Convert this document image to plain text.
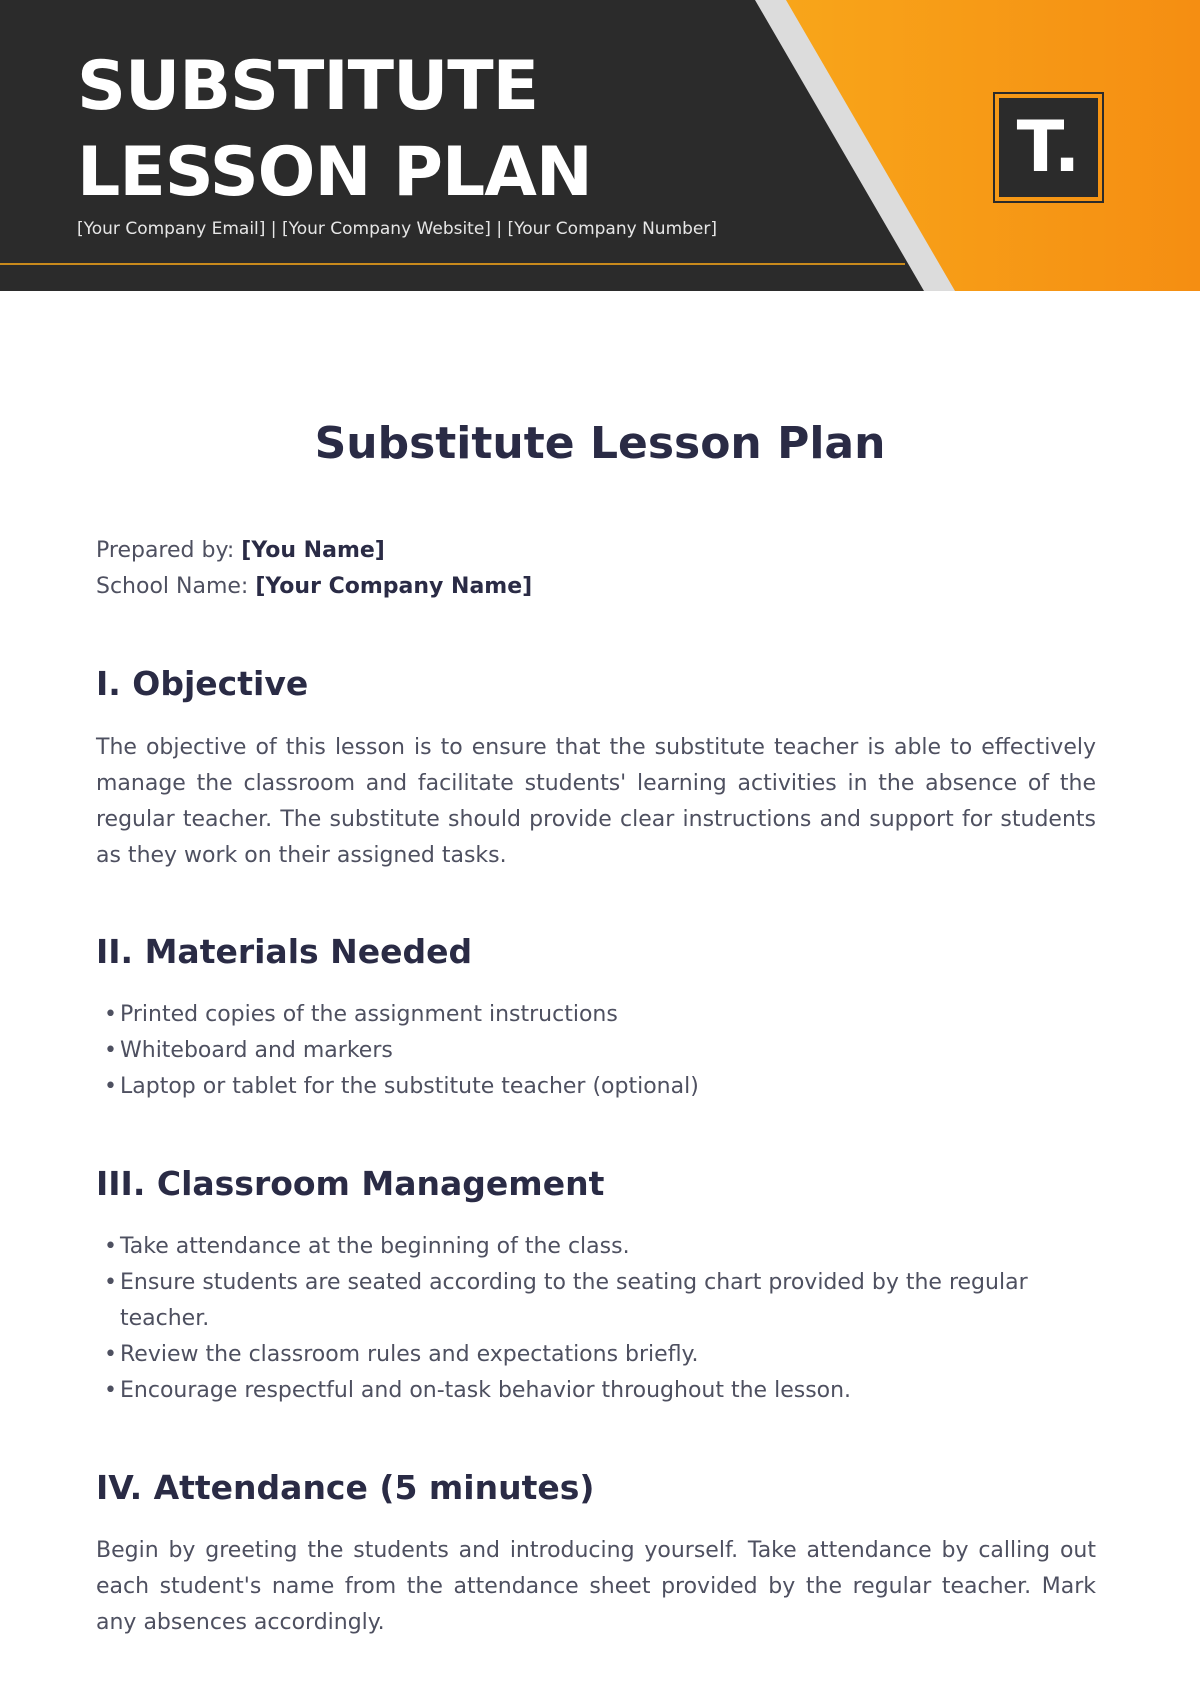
SUBSTITUTE
LESSON PLAN
[Your Company Email] | [Your Company Website] | [Your Company Number]
T.
Substitute Lesson Plan
Prepared by: [You Name]
School Name: [Your Company Name]
I. Objective

The objective of this lesson is to ensure that the substitute teacher is able to effectively manage the classroom and facilitate students' learning activities in the absence of the regular teacher. The substitute should provide clear instructions and support for students as they work on their assigned tasks.

II. Materials Needed
• Printed copies of the assignment instructions
• Whiteboard and markers
• Laptop or tablet for the substitute teacher (optional)
III. Classroom Management
• Take attendance at the beginning of the class.
• Ensure students are seated according to the seating chart provided by the regular teacher.
• Review the classroom rules and expectations briefly.
• Encourage respectful and on-task behavior throughout the lesson.
IV. Attendance (5 minutes)

Begin by greeting the students and introducing yourself. Take attendance by calling out each student's name from the attendance sheet provided by the regular teacher. Mark any absences accordingly.
